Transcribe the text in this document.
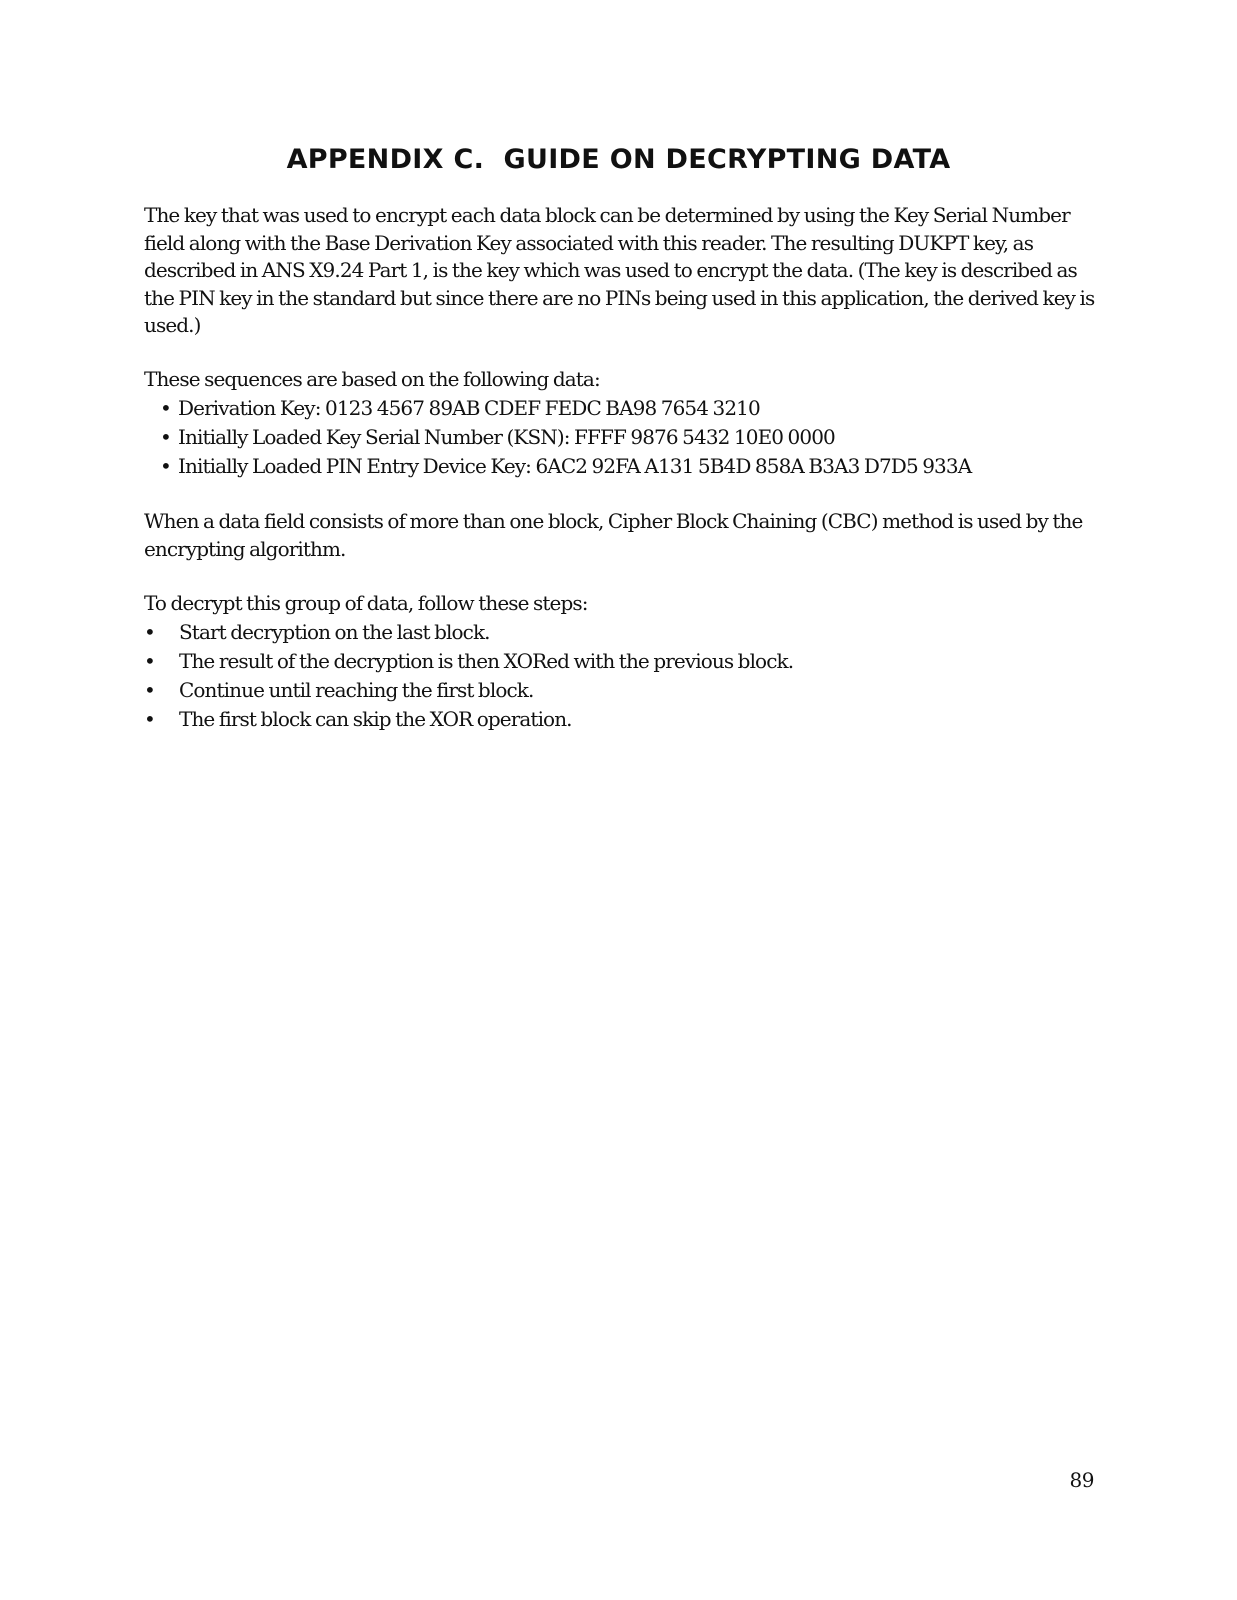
APPENDIX C.  GUIDE ON DECRYPTING DATA

The key that was used to encrypt each data block can be determined by using the Key Serial Number field along with the Base Derivation Key associated with this reader. The resulting DUKPT key, as described in ANS X9.24 Part 1, is the key which was used to encrypt the data. (The key is described as the PIN key in the standard but since there are no PINs being used in this application, the derived key is used.)

These sequences are based on the following data:

• Derivation Key: 0123 4567 89AB CDEF FEDC BA98 7654 3210
• Initially Loaded Key Serial Number (KSN): FFFF 9876 5432 10E0 0000
• Initially Loaded PIN Entry Device Key: 6AC2 92FA A131 5B4D 858A B3A3 D7D5 933A

When a data field consists of more than one block, Cipher Block Chaining (CBC) method is used by the encrypting algorithm.

To decrypt this group of data, follow these steps:

• Start decryption on the last block.
• The result of the decryption is then XORed with the previous block.
• Continue until reaching the first block.
• The first block can skip the XOR operation.
89
